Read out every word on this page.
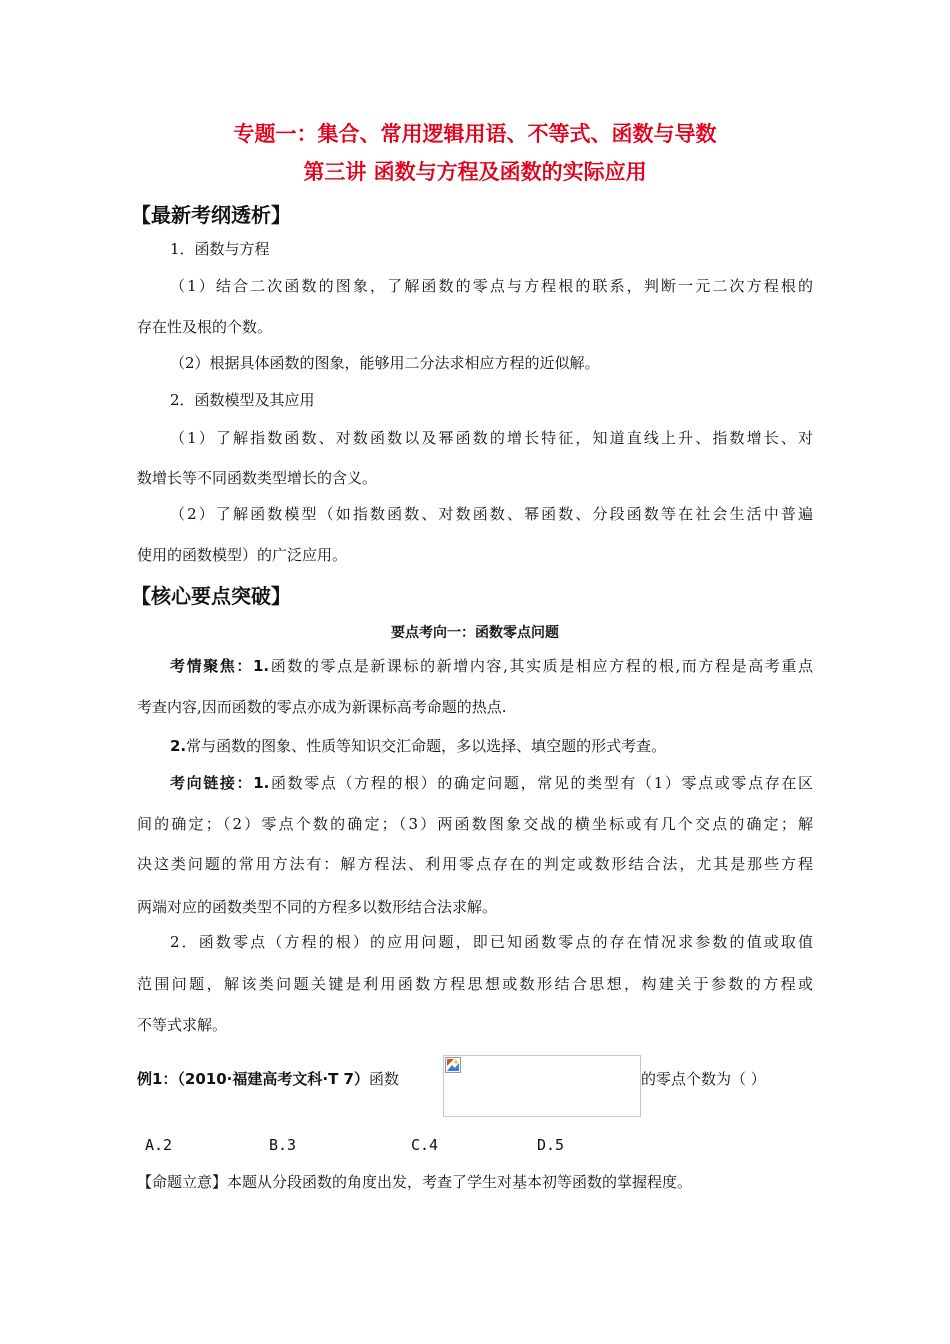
专题一：集合、常用逻辑用语、不等式、函数与导数
第三讲 函数与方程及函数的实际应用
【最新考纲透析】
1．函数与方程
（1）结合二次函数的图象，了解函数的零点与方程根的联系，判断一元二次方程根的
存在性及根的个数。
（2）根据具体函数的图象，能够用二分法求相应方程的近似解。
2．函数模型及其应用
（1）了解指数函数、对数函数以及幂函数的增长特征，知道直线上升、指数增长、对
数增长等不同函数类型增长的含义。
（2）了解函数模型（如指数函数、对数函数、幂函数、分段函数等在社会生活中普遍
使用的函数模型）的广泛应用。
【核心要点突破】
要点考向一：函数零点问题
考情聚焦：1.函数的零点是新课标的新增内容,其实质是相应方程的根,而方程是高考重点
考查内容,因而函数的零点亦成为新课标高考命题的热点.
2.常与函数的图象、性质等知识交汇命题，多以选择、填空题的形式考查。
考向链接：1.函数零点（方程的根）的确定问题，常见的类型有（1）零点或零点存在区
间的确定；（2）零点个数的确定；（3）两函数图象交战的横坐标或有几个交点的确定；解
决这类问题的常用方法有：解方程法、利用零点存在的判定或数形结合法，尤其是那些方程
两端对应的函数类型不同的方程多以数形结合法求解。
2．函数零点（方程的根）的应用问题，即已知函数零点的存在情况求参数的值或取值
范围问题，解该类问题关键是利用函数方程思想或数形结合思想，构建关于参数的方程或
不等式求解。
例1：（2010·福建高考文科·T 7）函数	的零点个数为（ ）
A.2	B.3	C.4	D.5
【命题立意】本题从分段函数的角度出发，考查了学生对基本初等函数的掌握程度。
